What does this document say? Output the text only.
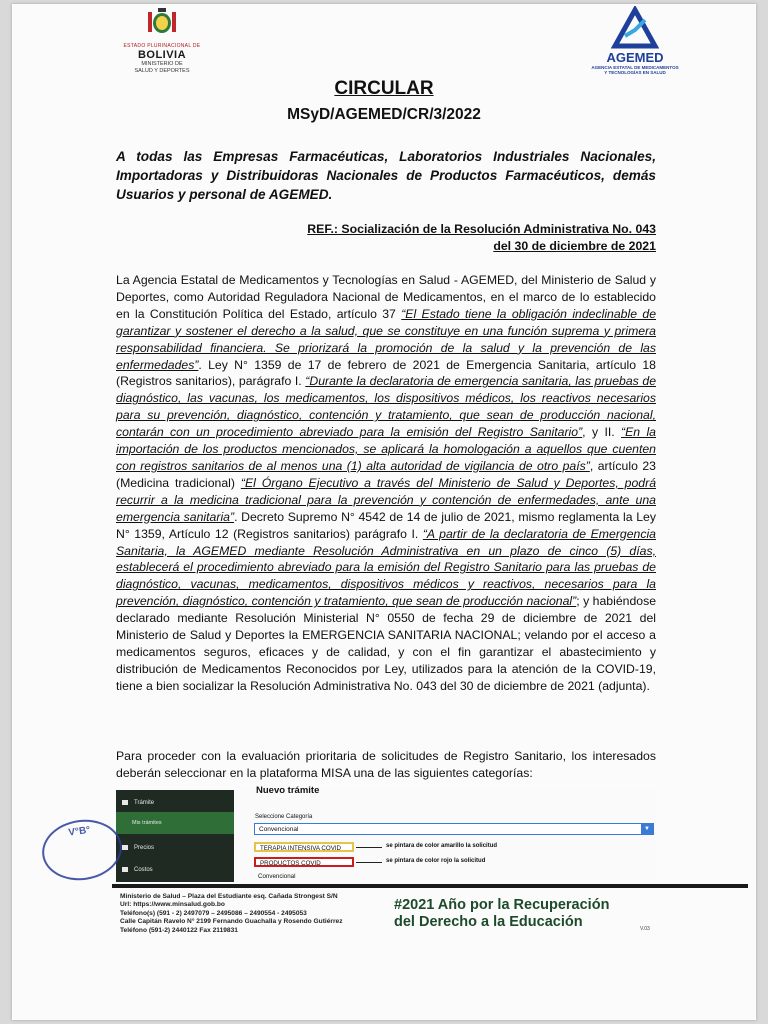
ESTADO PLURINACIONAL DE
BOLIVIA
MINISTERIO DE
SALUD Y DEPORTES
AGEMED
AGENCIA ESTATAL DE MEDICAMENTOS
Y TECNOLOGÍAS EN SALUD
CIRCULAR
MSyD/AGEMED/CR/3/2022
A todas las Empresas Farmacéuticas, Laboratorios Industriales Nacionales, Importadoras y Distribuidoras Nacionales de Productos Farmacéuticos, demás Usuarios y personal de AGEMED.
REF.: Socialización de la Resolución Administrativa No. 043
del 30 de diciembre de 2021
La Agencia Estatal de Medicamentos y Tecnologías en Salud - AGEMED, del Ministerio de Salud y Deportes, como Autoridad Reguladora Nacional de Medicamentos, en el marco de lo establecido en la Constitución Política del Estado, artículo 37 “El Estado tiene la obligación indeclinable de garantizar y sostener el derecho a la salud, que se constituye en una función suprema y primera responsabilidad financiera. Se priorizará la promoción de la salud y la prevención de las enfermedades”. Ley N° 1359 de 17 de febrero de 2021 de Emergencia Sanitaria, artículo 18 (Registros sanitarios), parágrafo I. “Durante la declaratoria de emergencia sanitaria, las pruebas de diagnóstico, las vacunas, los medicamentos, los dispositivos médicos, los reactivos necesarios para su prevención, diagnóstico, contención y tratamiento, que sean de producción nacional, contarán con un procedimiento abreviado para la emisión del Registro Sanitario”, y II. “En la importación de los productos mencionados, se aplicará la homologación a aquellos que cuenten con registros sanitarios de al menos una (1) alta autoridad de vigilancia de otro país”, artículo 23 (Medicina tradicional) “El Órgano Ejecutivo a través del Ministerio de Salud y Deportes, podrá recurrir a la medicina tradicional para la prevención y contención de enfermedades, ante una emergencia sanitaria”. Decreto Supremo N° 4542 de 14 de julio de 2021, mismo reglamenta la Ley N° 1359, Artículo 12 (Registros sanitarios) parágrafo I. “A partir de la declaratoria de Emergencia Sanitaria, la AGEMED mediante Resolución Administrativa en un plazo de cinco (5) días, establecerá el procedimiento abreviado para la emisión del Registro Sanitario para las pruebas de diagnóstico, vacunas, medicamentos, dispositivos médicos y reactivos, necesarios para la prevención, diagnóstico, contención y tratamiento, que sean de producción nacional”; y habiéndose declarado mediante Resolución Ministerial N° 0550 de fecha 29 de diciembre de 2021 del Ministerio de Salud y Deportes la EMERGENCIA SANITARIA NACIONAL; velando por el acceso a medicamentos seguros, eficaces y de calidad, y con el fin garantizar el abastecimiento y distribución de Medicamentos Reconocidos por Ley, utilizados para la atención de la COVID-19, tiene a bien socializar la Resolución Administrativa No. 043 del 30 de diciembre de 2021 (adjunta).
Para proceder con la evaluación prioritaria de solicitudes de Registro Sanitario, los interesados deberán seleccionar en la plataforma MISA una de las siguientes categorías:
Trámite
Mis trámites
Precios
Costos
Nuevo trámite
Seleccione Categoría
Convencional	▼
TERAPIA INTENSIVA COVID	se pintara de color amarillo la solicitud
PRODUCTOS COVID	se pintara de color rojo la solicitud
Convencional
V°B°
Ministerio de Salud – Plaza del Estudiante esq. Cañada Strongest S/N
Url: https://www.minsalud.gob.bo
Teléfono(s) (591 - 2) 2497079 – 2495086 – 2490554 - 2495053
Calle Capitán Ravelo N° 2199 Fernando Guachalla y Rosendo Gutiérrez
Teléfono (591-2) 2440122 Fax 2119831
#2021 Año por la Recuperación
del Derecho a la Educación	V.03
